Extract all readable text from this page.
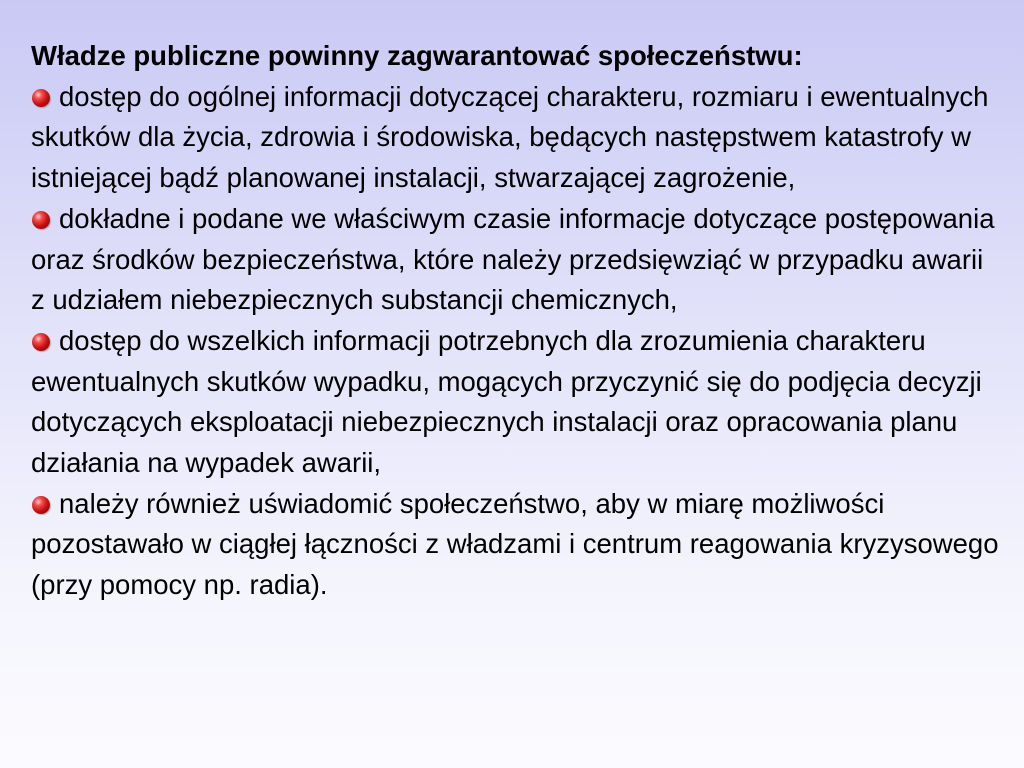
Władze publiczne powinny zagwarantować społeczeństwu:

dostęp do ogólnej informacji dotyczącej charakteru, rozmiaru i ewentualnych skutków dla życia, zdrowia i środowiska, będących następstwem katastrofy w istniejącej bądź planowanej instalacji, stwarzającej zagrożenie,
dokładne i podane we właściwym czasie informacje dotyczące postępowania oraz środków bezpieczeństwa, które należy przedsięwziąć w przypadku awarii z udziałem niebezpiecznych substancji chemicznych,
dostęp do wszelkich informacji potrzebnych dla zrozumienia charakteru ewentualnych skutków wypadku, mogących przyczynić się do podjęcia decyzji dotyczących eksploatacji niebezpiecznych instalacji oraz opracowania planu działania na wypadek awarii,
należy również uświadomić społeczeństwo, aby w miarę możliwości pozostawało w ciągłej łączności z władzami i centrum reagowania kryzysowego (przy pomocy np. radia).
